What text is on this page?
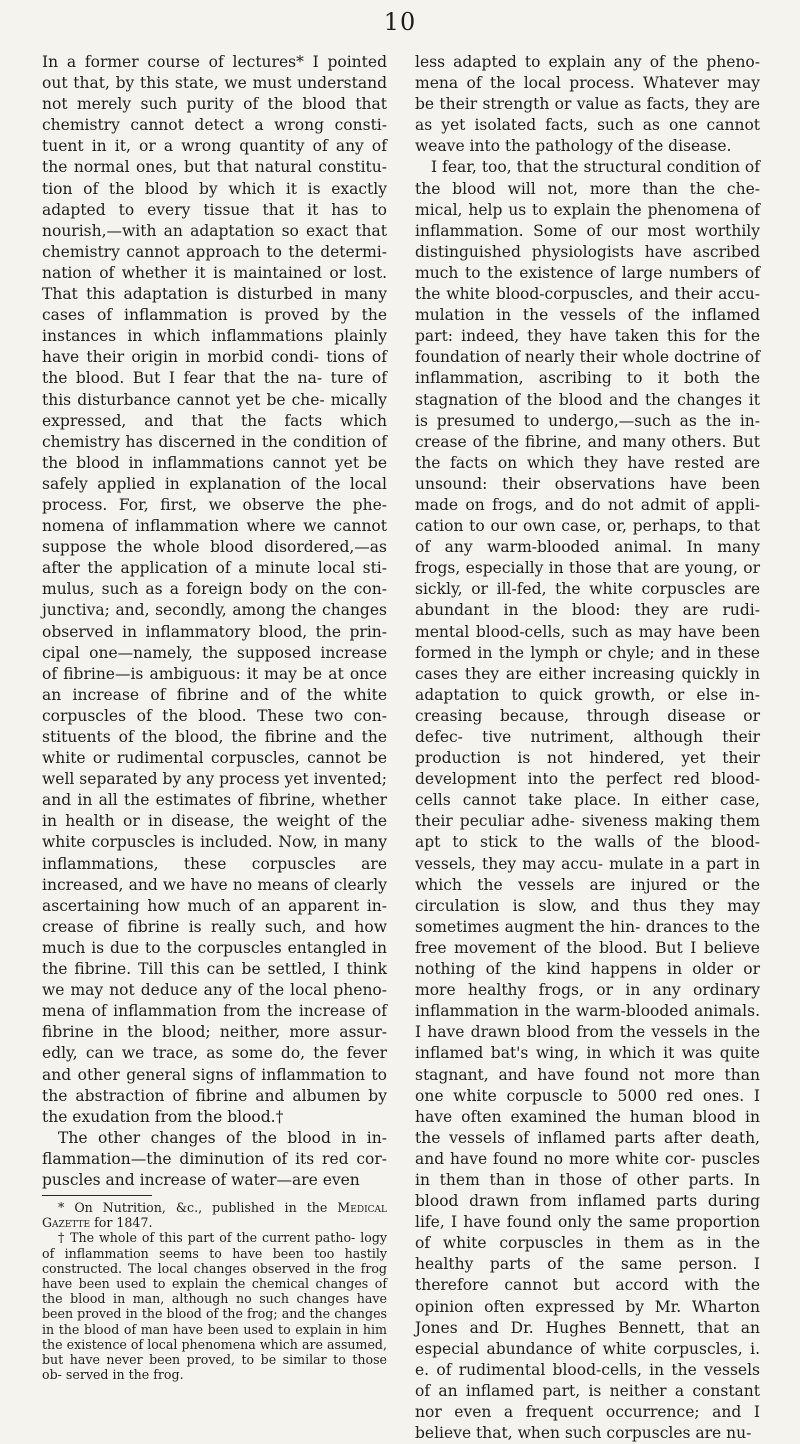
10

In a former course of lectures* I pointed out that, by this state, we must understand not merely such purity of the blood that chemistry cannot detect a wrong consti- tuent in it, or a wrong quantity of any of the normal ones, but that natural constitu- tion of the blood by which it is exactly adapted to every tissue that it has to nourish,—with an adaptation so exact that chemistry cannot approach to the determi- nation of whether it is maintained or lost. That this adaptation is disturbed in many cases of inflammation is proved by the instances in which inflammations plainly have their origin in morbid condi- tions of the blood. But I fear that the na- ture of this disturbance cannot yet be che- mically expressed, and that the facts which chemistry has discerned in the condition of the blood in inflammations cannot yet be safely applied in explanation of the local process. For, first, we observe the phe- nomena of inflammation where we cannot suppose the whole blood disordered,—as after the application of a minute local sti- mulus, such as a foreign body on the con- junctiva; and, secondly, among the changes observed in inflammatory blood, the prin- cipal one—namely, the supposed increase of fibrine—is ambiguous: it may be at once an increase of fibrine and of the white corpuscles of the blood. These two con- stituents of the blood, the fibrine and the white or rudimental corpuscles, cannot be well separated by any process yet invented; and in all the estimates of fibrine, whether in health or in disease, the weight of the white corpuscles is included. Now, in many inflammations, these corpuscles are increased, and we have no means of clearly ascertaining how much of an apparent in- crease of fibrine is really such, and how much is due to the corpuscles entangled in the fibrine. Till this can be settled, I think we may not deduce any of the local pheno- mena of inflammation from the increase of fibrine in the blood; neither, more assur- edly, can we trace, as some do, the fever and other general signs of inflammation to the abstraction of fibrine and albumen by the exudation from the blood.†

The other changes of the blood in in- flammation—the diminution of its red cor- puscles and increase of water—are even

* On Nutrition, &c., published in the Medical Gazette for 1847.

† The whole of this part of the current patho- logy of inflammation seems to have been too hastily constructed. The local changes observed in the frog have been used to explain the chemical changes of the blood in man, although no such changes have been proved in the blood of the frog; and the changes in the blood of man have been used to explain in him the existence of local phenomena which are assumed, but have never been proved, to be similar to those ob- served in the frog.

less adapted to explain any of the pheno- mena of the local process. Whatever may be their strength or value as facts, they are as yet isolated facts, such as one cannot weave into the pathology of the disease.

I fear, too, that the structural condition of the blood will not, more than the che- mical, help us to explain the phenomena of inflammation. Some of our most worthily distinguished physiologists have ascribed much to the existence of large numbers of the white blood-corpuscles, and their accu- mulation in the vessels of the inflamed part: indeed, they have taken this for the foundation of nearly their whole doctrine of inflammation, ascribing to it both the stagnation of the blood and the changes it is presumed to undergo,—such as the in- crease of the fibrine, and many others. But the facts on which they have rested are unsound: their observations have been made on frogs, and do not admit of appli- cation to our own case, or, perhaps, to that of any warm-blooded animal. In many frogs, especially in those that are young, or sickly, or ill-fed, the white corpuscles are abundant in the blood: they are rudi- mental blood-cells, such as may have been formed in the lymph or chyle; and in these cases they are either increasing quickly in adaptation to quick growth, or else in- creasing because, through disease or defec- tive nutriment, although their production is not hindered, yet their development into the perfect red blood-cells cannot take place. In either case, their peculiar adhe- siveness making them apt to stick to the walls of the blood-vessels, they may accu- mulate in a part in which the vessels are injured or the circulation is slow, and thus they may sometimes augment the hin- drances to the free movement of the blood. But I believe nothing of the kind happens in older or more healthy frogs, or in any ordinary inflammation in the warm-blooded animals. I have drawn blood from the vessels in the inflamed bat's wing, in which it was quite stagnant, and have found not more than one white corpuscle to 5000 red ones. I have often examined the human blood in the vessels of inflamed parts after death, and have found no more white cor- puscles in them than in those of other parts. In blood drawn from inflamed parts during life, I have found only the same proportion of white corpuscles in them as in the healthy parts of the same person. I therefore cannot but accord with the opinion often expressed by Mr. Wharton Jones and Dr. Hughes Bennett, that an especial abundance of white corpuscles, i. e. of rudimental blood-cells, in the vessels of an inflamed part, is neither a constant nor even a frequent occurrence; and I believe that, when such corpuscles are nu-
